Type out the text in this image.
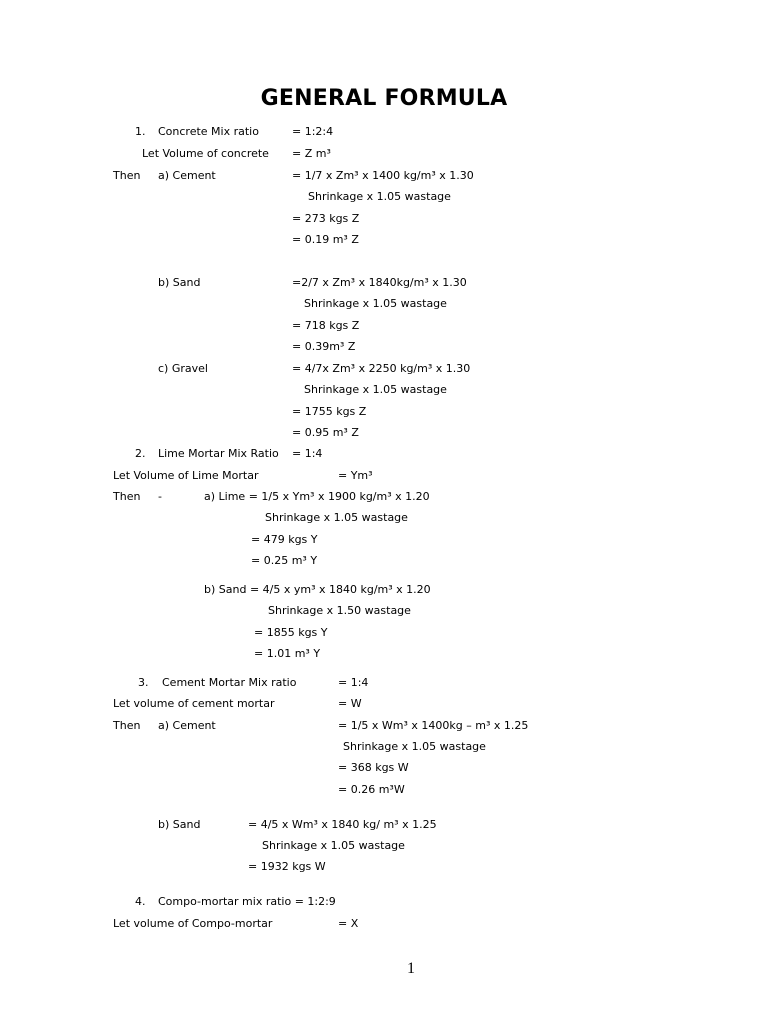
GENERAL FORMULA
1. Concrete Mix ratio	= 1:2:4
Let Volume of concrete = Z m³
Then a) Cement	= 1/7 x Zm³ x 1400 kg/m³ x 1.30
Shrinkage x 1.05 wastage
= 273 kgs Z
= 0.19 m³ Z
b) Sand	=2/7 x Zm³ x 1840kg/m³ x 1.30
Shrinkage x 1.05 wastage
= 718 kgs Z
= 0.39m³ Z
c) Gravel	= 4/7x Zm³ x 2250 kg/m³ x 1.30
Shrinkage x 1.05 wastage
= 1755 kgs Z
= 0.95 m³ Z
2. Lime Mortar Mix Ratio = 1:4
Let Volume of Lime Mortar	= Ym³
Then -	a) Lime = 1/5 x Ym³ x 1900 kg/m³ x 1.20
Shrinkage x 1.05 wastage
= 479 kgs Y
= 0.25 m³ Y
b) Sand = 4/5 x ym³ x 1840 kg/m³ x 1.20
Shrinkage x 1.50 wastage
= 1855 kgs Y
= 1.01 m³ Y
3. Cement Mortar Mix ratio	= 1:4
Let volume of cement mortar	= W
Then a) Cement	= 1/5 x Wm³ x 1400kg – m³ x 1.25
Shrinkage x 1.05 wastage
= 368 kgs W
= 0.26 m³W
b) Sand	= 4/5 x Wm³ x 1840 kg/ m³ x 1.25
Shrinkage x 1.05 wastage
= 1932 kgs W
4. Compo-mortar mix ratio = 1:2:9
Let volume of Compo-mortar	= X
1
